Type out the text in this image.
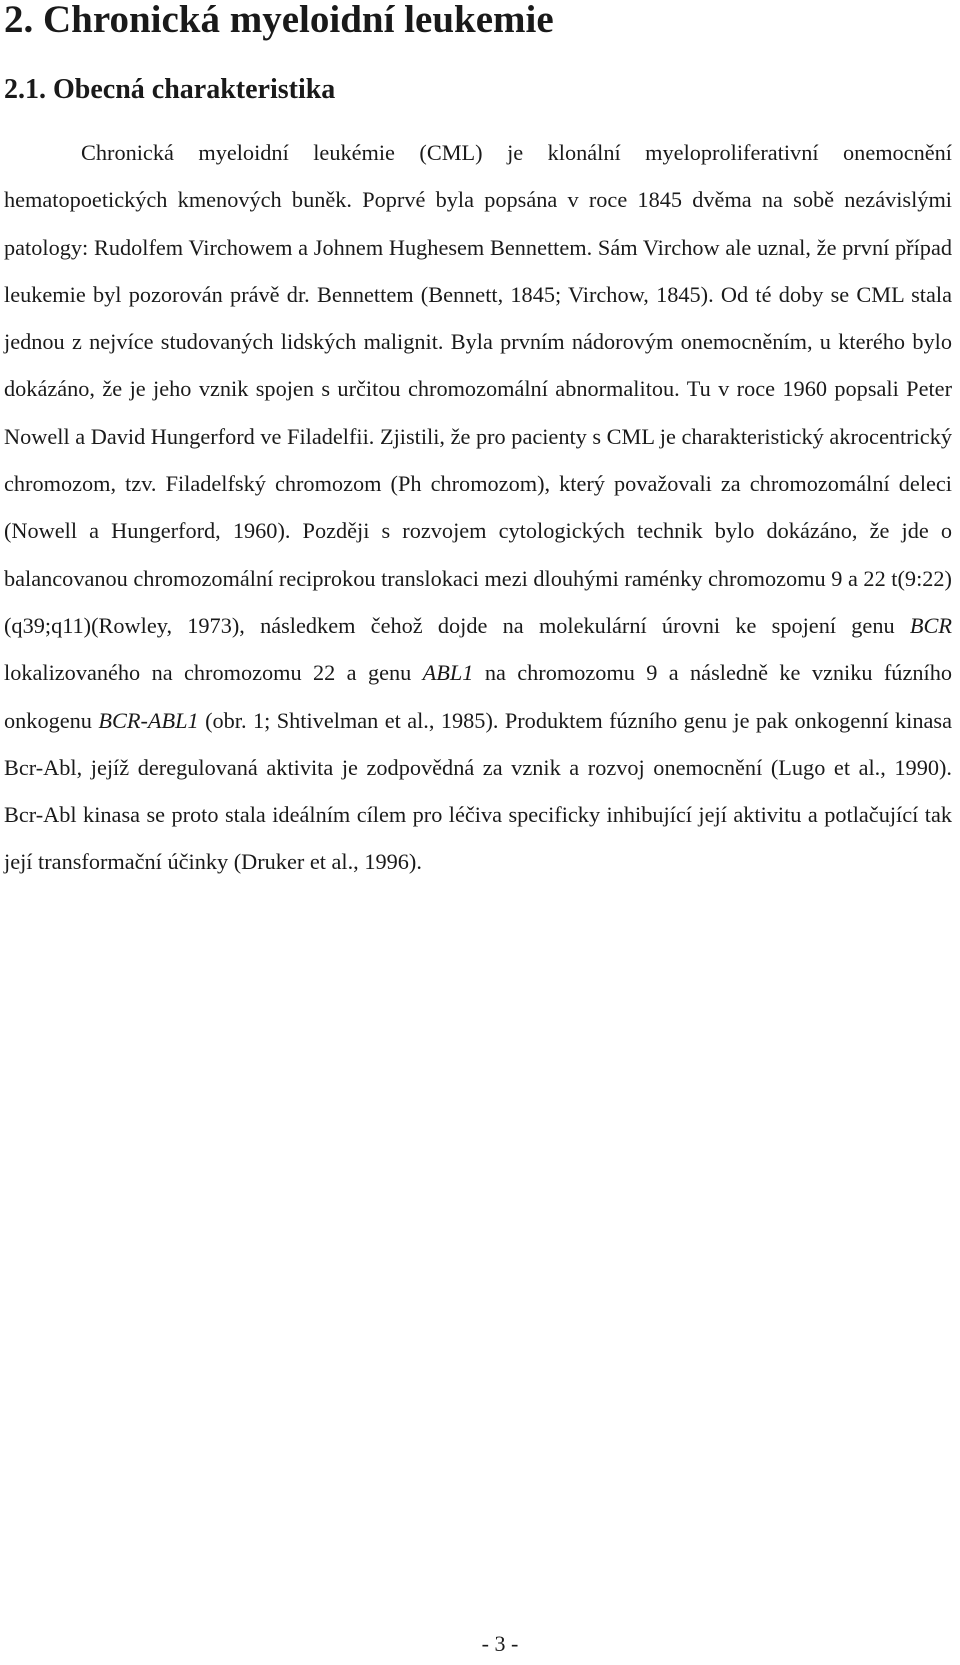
2. Chronická myeloidní leukemie
2.1. Obecná charakteristika

Chronická myeloidní leukémie (CML) je klonální myeloproliferativní onemocnění hematopoetických kmenových buněk. Poprvé byla popsána v roce 1845 dvěma na sobě nezávislými patology: Rudolfem Virchowem a Johnem Hughesem Bennettem. Sám Virchow ale uznal, že první případ leukemie byl pozorován právě dr. Bennettem (Bennett, 1845; Virchow, 1845). Od té doby se CML stala jednou z nejvíce studovaných lidských malignit. Byla prvním nádorovým onemocněním, u kterého bylo dokázáno, že je jeho vznik spojen s určitou chromozomální abnormalitou. Tu v roce 1960 popsali Peter Nowell a David Hungerford ve Filadelfii. Zjistili, že pro pacienty s CML je charakteristický akrocentrický chromozom, tzv. Filadelfský chromozom (Ph chromozom), který považovali za chromozomální deleci (Nowell a Hungerford, 1960). Později s rozvojem cytologických technik bylo dokázáno, že jde o balancovanou chromozomální reciprokou translokaci mezi dlouhými raménky chromozomu 9 a 22 t(9:22)(q39;q11)(Rowley, 1973), následkem čehož dojde na molekulární úrovni ke spojení genu BCR lokalizovaného na chromozomu 22 a genu ABL1 na chromozomu 9 a následně ke vzniku fúzního onkogenu BCR-ABL1 (obr. 1; Shtivelman et al., 1985). Produktem fúzního genu je pak onkogenní kinasa Bcr-Abl, jejíž deregulovaná aktivita je zodpovědná za vznik a rozvoj onemocnění (Lugo et al., 1990). Bcr-Abl kinasa se proto stala ideálním cílem pro léčiva specificky inhibující její aktivitu a potlačující tak její transformační účinky (Druker et al., 1996).

- 3 -
